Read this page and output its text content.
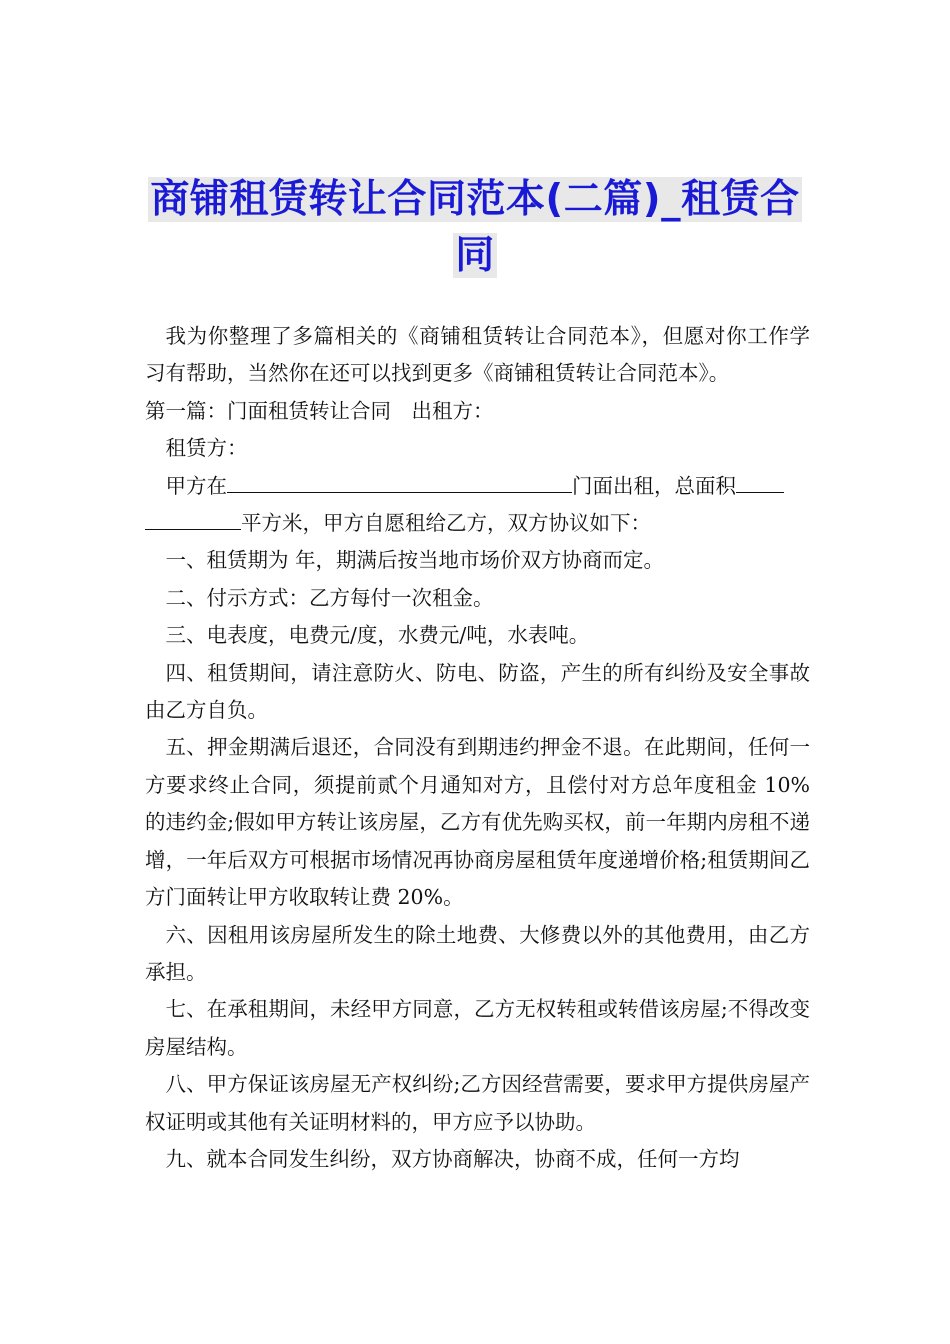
商铺租赁转让合同范本(二篇)_租赁合
同

我为你整理了多篇相关的《商铺租赁转让合同范本》，但愿对你工作学习有帮助，当然你在还可以找到更多《商铺租赁转让合同范本》。

第一篇：门面租赁转让合同　出租方：

租赁方：

甲方在	门面出租，总面积
平方米，甲方自愿租给乙方，双方协议如下：

一、租赁期为 年，期满后按当地市场价双方协商而定。

二、付示方式：乙方每付一次租金。

三、电表度，电费元/度，水费元/吨，水表吨。

四、租赁期间，请注意防火、防电、防盗，产生的所有纠纷及安全事故由乙方自负。

五、押金期满后退还，合同没有到期违约押金不退。在此期间，任何一方要求终止合同，须提前贰个月通知对方，且偿付对方总年度租金 10%的违约金;假如甲方转让该房屋，乙方有优先购买权，前一年期内房租不递增，一年后双方可根据市场情况再协商房屋租赁年度递增价格;租赁期间乙方门面转让甲方收取转让费 20%。

六、因租用该房屋所发生的除土地费、大修费以外的其他费用，由乙方承担。

七、在承租期间，未经甲方同意，乙方无权转租或转借该房屋;不得改变房屋结构。

八、甲方保证该房屋无产权纠纷;乙方因经营需要，要求甲方提供房屋产权证明或其他有关证明材料的，甲方应予以协助。

九、就本合同发生纠纷，双方协商解决，协商不成，任何一方均
